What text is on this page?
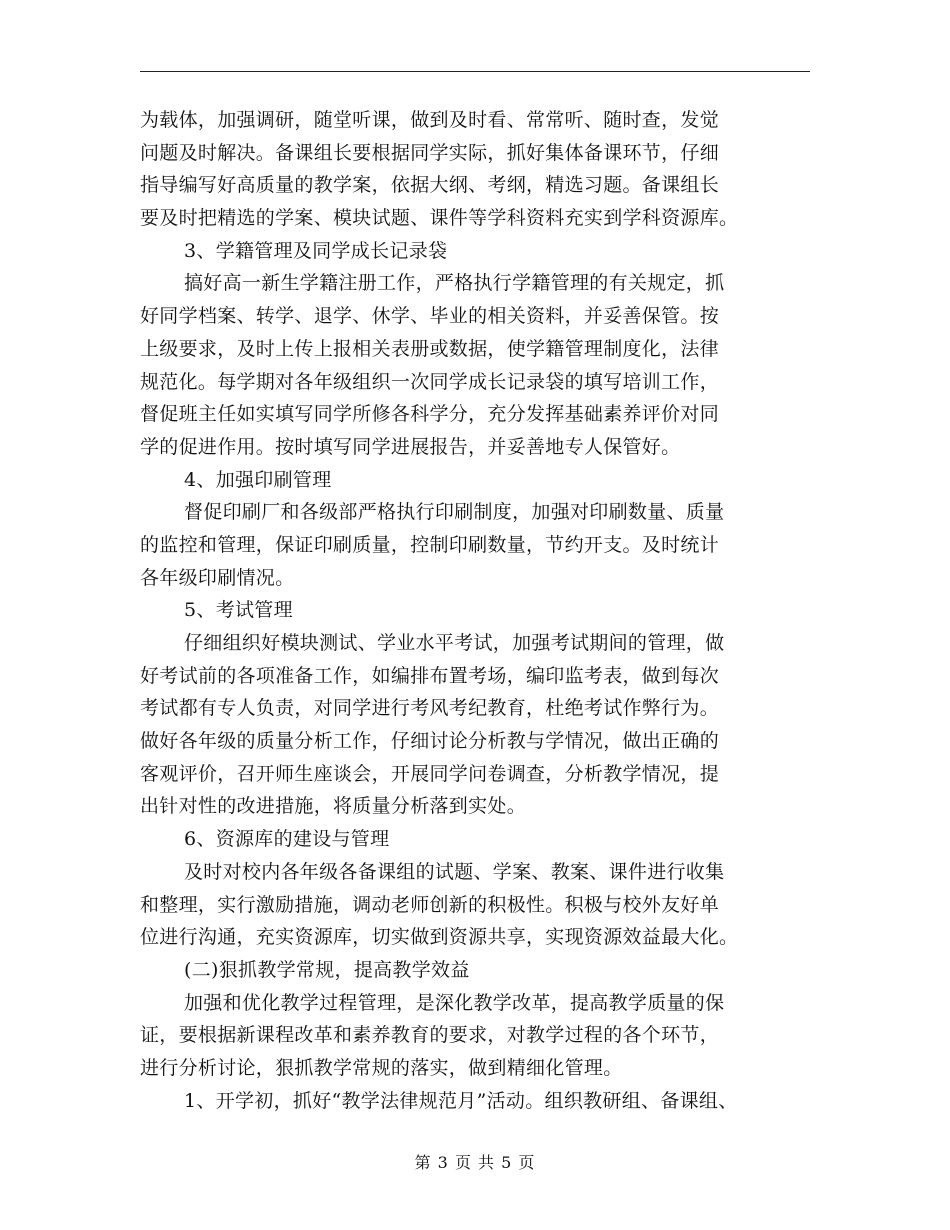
为载体，加强调研，随堂听课，做到及时看、常常听、随时查，发觉
问题及时解决。备课组长要根据同学实际，抓好集体备课环节，仔细
指导编写好高质量的教学案，依据大纲、考纲，精选习题。备课组长
要及时把精选的学案、模块试题、课件等学科资料充实到学科资源库。
3、学籍管理及同学成长记录袋
搞好高一新生学籍注册工作，严格执行学籍管理的有关规定，抓
好同学档案、转学、退学、休学、毕业的相关资料，并妥善保管。按
上级要求，及时上传上报相关表册或数据，使学籍管理制度化，法律
规范化。每学期对各年级组织一次同学成长记录袋的填写培训工作，
督促班主任如实填写同学所修各科学分，充分发挥基础素养评价对同
学的促进作用。按时填写同学进展报告，并妥善地专人保管好。
4、加强印刷管理
督促印刷厂和各级部严格执行印刷制度，加强对印刷数量、质量
的监控和管理，保证印刷质量，控制印刷数量，节约开支。及时统计
各年级印刷情况。
5、考试管理
仔细组织好模块测试、学业水平考试，加强考试期间的管理，做
好考试前的各项准备工作，如编排布置考场，编印监考表，做到每次
考试都有专人负责，对同学进行考风考纪教育，杜绝考试作弊行为。
做好各年级的质量分析工作，仔细讨论分析教与学情况，做出正确的
客观评价，召开师生座谈会，开展同学问卷调查，分析教学情况，提
出针对性的改进措施，将质量分析落到实处。
6、资源库的建设与管理
及时对校内各年级各备课组的试题、学案、教案、课件进行收集
和整理，实行激励措施，调动老师创新的积极性。积极与校外友好单
位进行沟通，充实资源库，切实做到资源共享，实现资源效益最大化。
(二)狠抓教学常规，提高教学效益
加强和优化教学过程管理，是深化教学改革，提高教学质量的保
证，要根据新课程改革和素养教育的要求，对教学过程的各个环节，
进行分析讨论，狠抓教学常规的落实，做到精细化管理。
1、开学初，抓好“教学法律规范月”活动。组织教研组、备课组、
第 3 页 共 5 页
